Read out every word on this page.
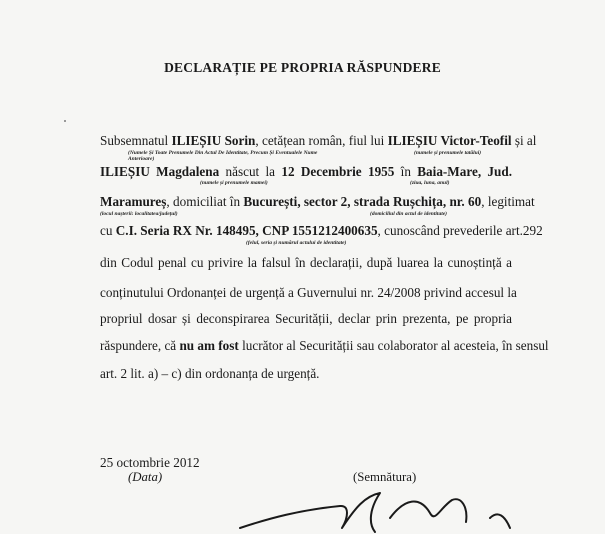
DECLARAȚIE PE PROPRIA RĂSPUNDERE
Subsemnatul ILIEȘIU Sorin, cetățean român, fiul lui ILIEȘIU Victor-Teofil și al
(Numele Și Toate Prenumele Din Actul De Identitate, Precum Și Eventualele Nume Anterioare)
(numele și prenumele tatălui)
ILIEȘIU Magdalena născut la 12 Decembrie 1955 în Baia-Mare, Jud.
(numele și prenumele mamei)	(ziua, luna, anul)
Maramureș, domiciliat în București, sector 2, strada Rușchița, nr. 60, legitimat
(locul nașterii: localitatea/județul)	(domiciliul din actul de identitate)
cu C.I. Seria RX Nr. 148495, CNP 1551212400635, cunoscând prevederile art.292
(felul, seria și numărul actului de identitate)
din Codul penal cu privire la falsul în declarații, după luarea la cunoștință a
conținutului Ordonanței de urgență a Guvernului nr. 24/2008 privind accesul la
propriul dosar și deconspirarea Securității, declar prin prezenta, pe propria
răspundere, că nu am fost lucrător al Securității sau colaborator al acesteia, în sensul
art. 2 lit. a) – c) din ordonanța de urgență.
25 octombrie 2012
(Data)	(Semnătura)
